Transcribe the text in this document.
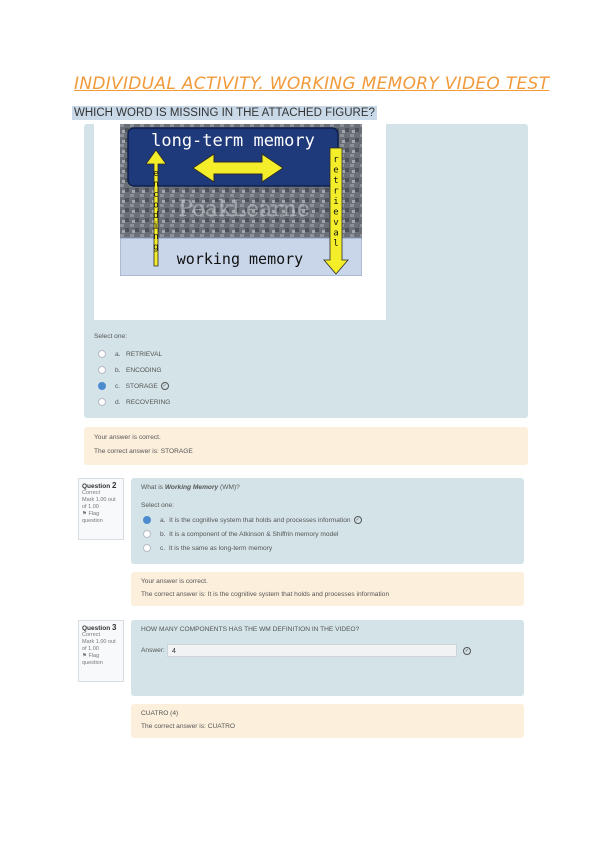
INDIVIDUAL ACTIVITY. WORKING MEMORY VIDEO TEST
WHICH WORD IS MISSING IN THE ATTACHED FIGURE?
long-term memory
working memory
PeakLearne
e
n
c
o
d
i
n
g
r
e
t
r
i
e
v
a
l
Select one:
a.
RETRIEVAL
b.
ENCODING
c.
STORAGE ✓
d.
RECOVERING
Your answer is correct.
The correct answer is: STORAGE
Question 2
Correct
Mark 1.00 out of 1.00
⚑ Flag question
What is Working Memory (WM)?
Select one:
a.
It is the cognitive system that holds and processes information ✓
b.
It is a component of the Atkinson & Shiffrin memory model
c.
It is the same as long-term memory
Your answer is correct.
The correct answer is: It is the cognitive system that holds and processes information
Question 3
Correct
Mark 1.00 out of 1.00
⚑ Flag question
HOW MANY COMPONENTS HAS THE WM DEFINITION IN THE VIDEO?
Answer:	4	✓
CUATRO (4)
The correct answer is: CUATRO
